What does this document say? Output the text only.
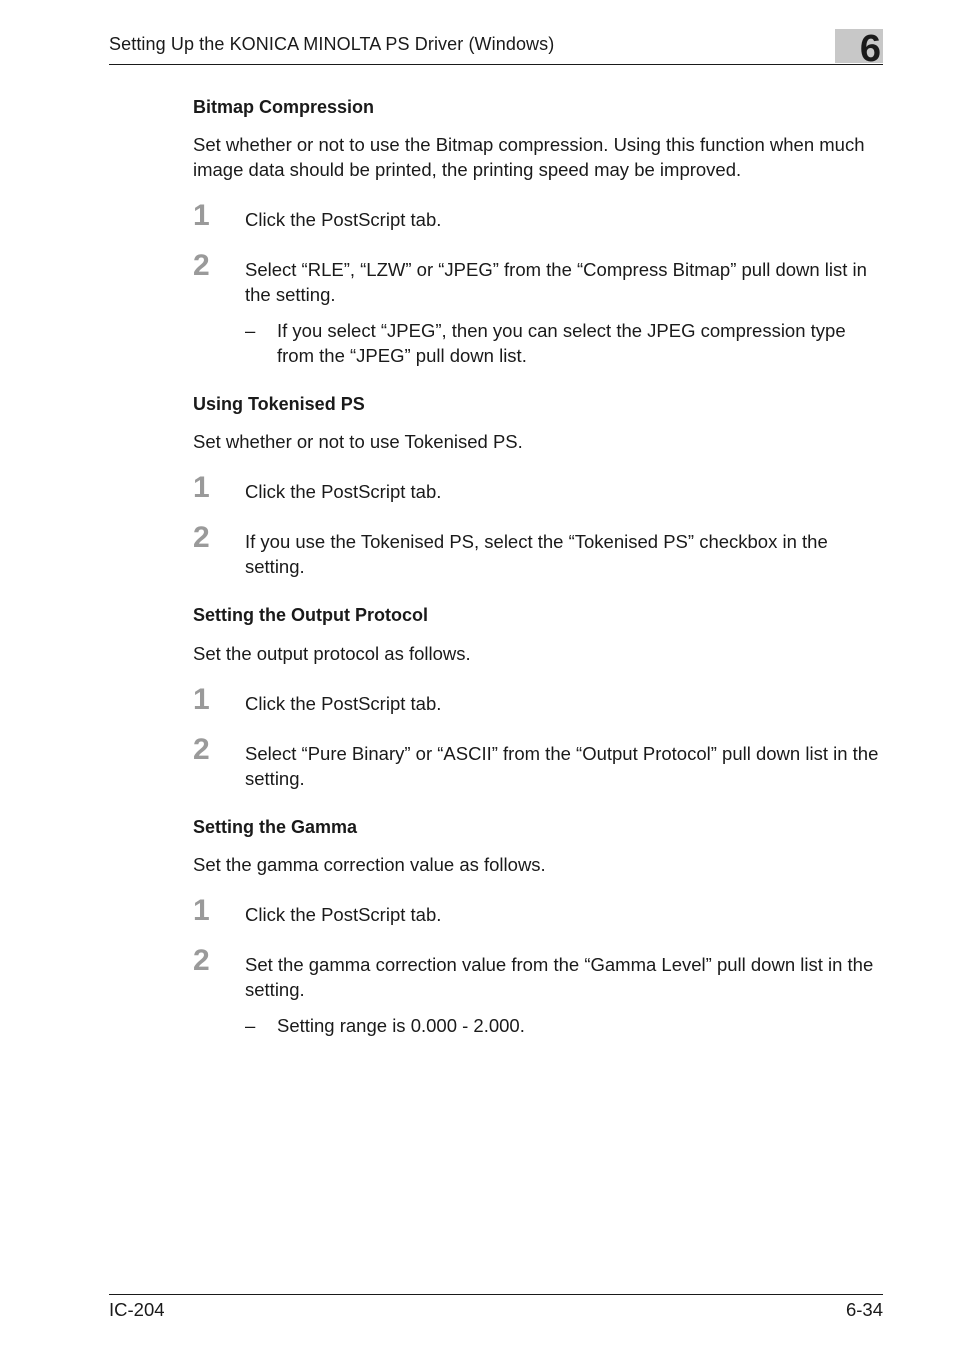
Setting Up the KONICA MINOLTA PS Driver (Windows)	6
Bitmap Compression
Set whether or not to use the Bitmap compression. Using this function when much image data should be printed, the printing speed may be improved.
1 Click the PostScript tab.
2 Select “RLE”, “LZW” or “JPEG” from the “Compress Bitmap” pull down list in the setting.
– If you select “JPEG”, then you can select the JPEG compression type from the “JPEG” pull down list.
Using Tokenised PS
Set whether or not to use Tokenised PS.
1 Click the PostScript tab.
2 If you use the Tokenised PS, select the “Tokenised PS” checkbox in the setting.
Setting the Output Protocol
Set the output protocol as follows.
1 Click the PostScript tab.
2 Select “Pure Binary” or “ASCII” from the “Output Protocol” pull down list in the setting.
Setting the Gamma
Set the gamma correction value as follows.
1 Click the PostScript tab.
2 Set the gamma correction value from the “Gamma Level” pull down list in the setting.
– Setting range is 0.000 - 2.000.
IC-204	6-34
